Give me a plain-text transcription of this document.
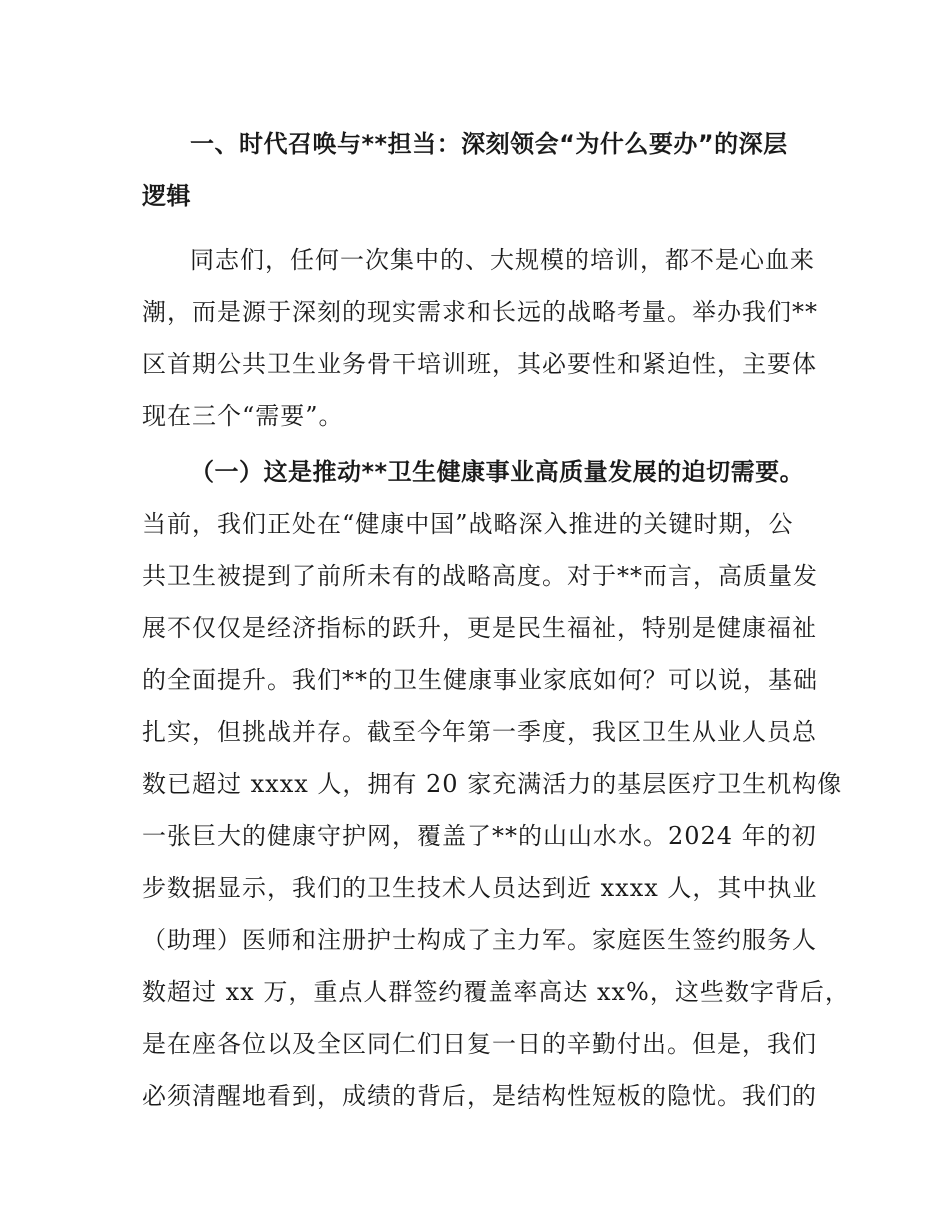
一、时代召唤与**担当：深刻领会“为什么要办”的深层
逻辑
同志们，任何一次集中的、大规模的培训，都不是心血来
潮，而是源于深刻的现实需求和长远的战略考量。举办我们**
区首期公共卫生业务骨干培训班，其必要性和紧迫性，主要体
现在三个“需要”。
（一）这是推动**卫生健康事业高质量发展的迫切需要。
当前，我们正处在“健康中国”战略深入推进的关键时期，公
共卫生被提到了前所未有的战略高度。对于**而言，高质量发
展不仅仅是经济指标的跃升，更是民生福祉，特别是健康福祉
的全面提升。我们**的卫生健康事业家底如何？可以说，基础
扎实，但挑战并存。截至今年第一季度，我区卫生从业人员总
数已超过 xxxx 人，拥有 20 家充满活力的基层医疗卫生机构像
一张巨大的健康守护网，覆盖了**的山山水水。2024 年的初
步数据显示，我们的卫生技术人员达到近 xxxx 人，其中执业
（助理）医师和注册护士构成了主力军。家庭医生签约服务人
数超过 xx 万，重点人群签约覆盖率高达 xx%，这些数字背后，
是在座各位以及全区同仁们日复一日的辛勤付出。但是，我们
必须清醒地看到，成绩的背后，是结构性短板的隐忧。我们的
